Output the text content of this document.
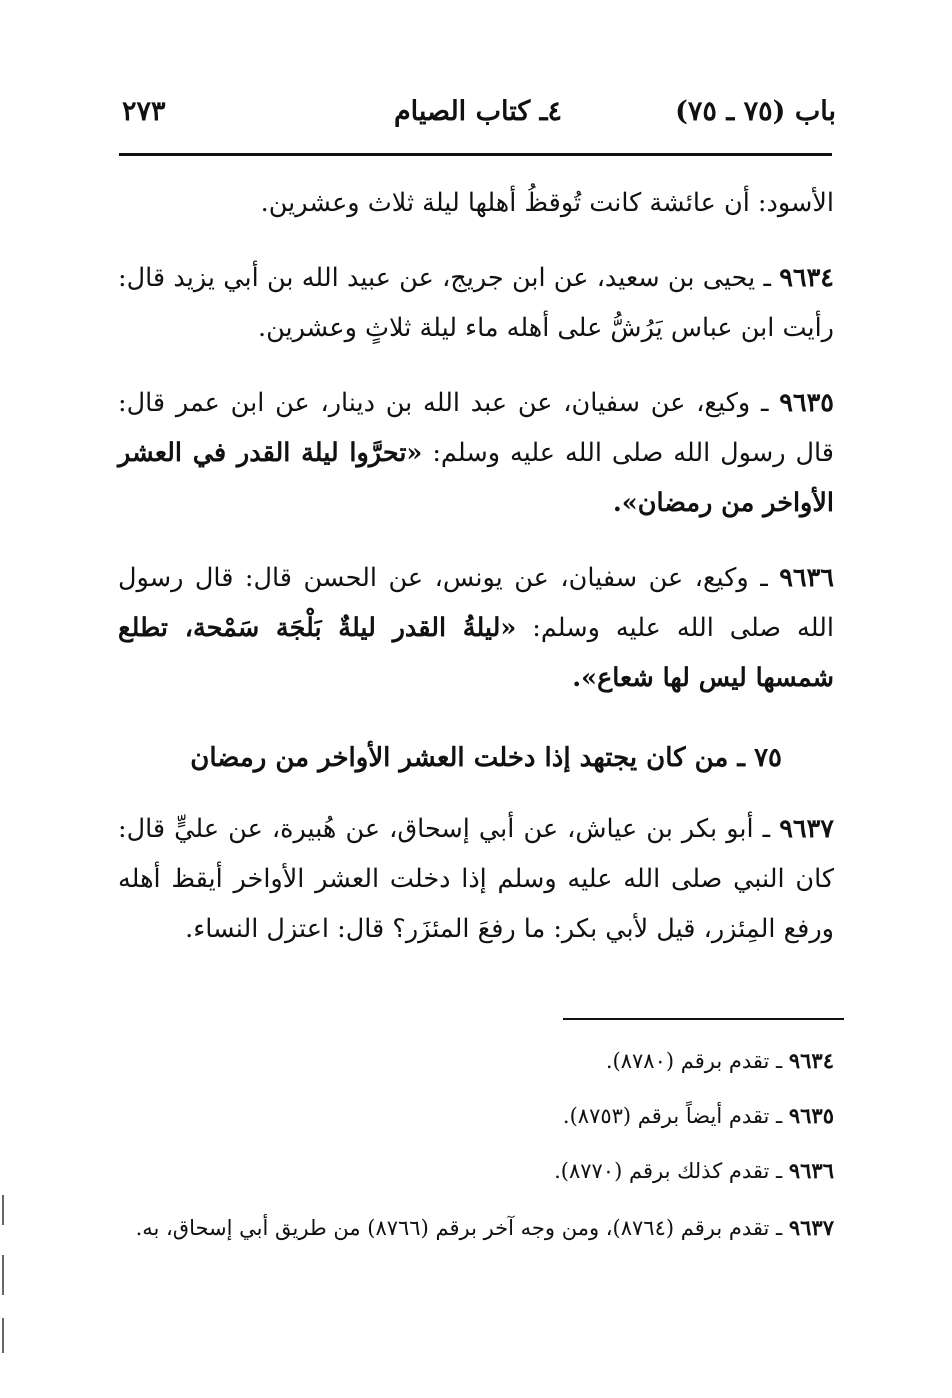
باب (٧٥ ـ ٧٥)
٤ـ كتاب الصيام
٢٧٣
الأسود: أن عائشة كانت تُوقظُ أهلها ليلة ثلاث وعشرين.
٩٦٣٤ ـ يحيى بن سعيد، عن ابن جريج، عن عبيد الله بن أبي يزيد قال: رأيت ابن عباس يَرُشُّ على أهله ماء ليلة ثلاثٍ وعشرين.
٩٦٣٥ ـ وكيع، عن سفيان، عن عبد الله بن دينار، عن ابن عمر قال: قال رسول الله صلى الله عليه وسلم: «تحرَّوا ليلة القدر في العشر الأواخر من رمضان».
٩٦٣٦ ـ وكيع، عن سفيان، عن يونس، عن الحسن قال: قال رسول الله صلى الله عليه وسلم: «ليلةُ القدر ليلةٌ بَلْجَة سَمْحة، تطلع شمسها ليس لها شعاع».
٧٥ ـ من كان يجتهد إذا دخلت العشر الأواخر من رمضان
٩٦٣٧ ـ أبو بكر بن عياش، عن أبي إسحاق، عن هُبيرة، عن عليٍّ قال: كان النبي صلى الله عليه وسلم إذا دخلت العشر الأواخر أيقظ أهله ورفع المِئزر، قيل لأبي بكر: ما رفعَ المئزَر؟ قال: اعتزل النساء.
٩٦٣٤ ـ تقدم برقم (٨٧٨٠).
٩٦٣٥ ـ تقدم أيضاً برقم (٨٧٥٣).
٩٦٣٦ ـ تقدم كذلك برقم (٨٧٧٠).
٩٦٣٧ ـ تقدم برقم (٨٧٦٤)، ومن وجه آخر برقم (٨٧٦٦) من طريق أبي إسحاق، به.
